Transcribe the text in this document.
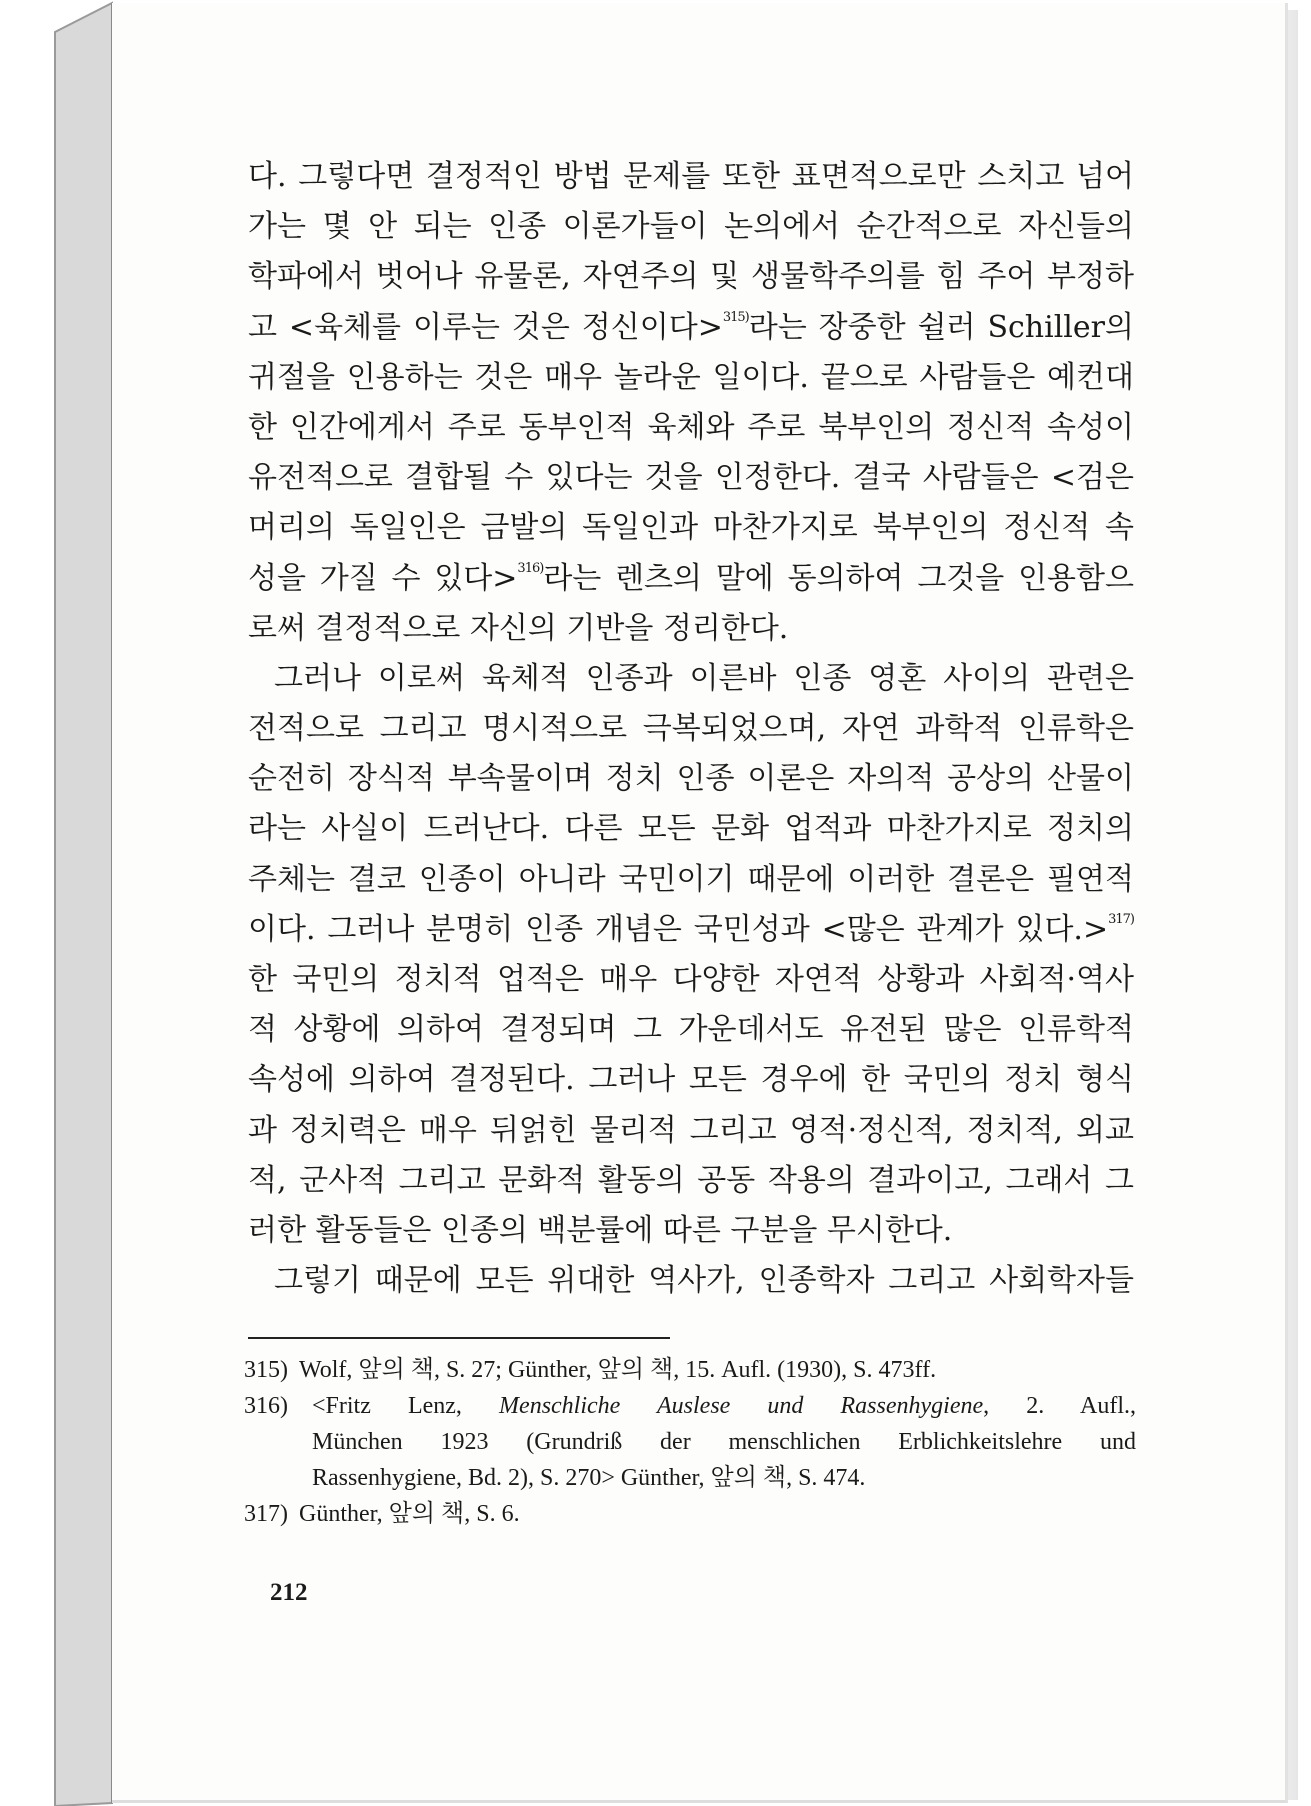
다. 그렇다면 결정적인 방법 문제를 또한 표면적으로만 스치고 넘어
가는 몇 안 되는 인종 이론가들이 논의에서 순간적으로 자신들의
학파에서 벗어나 유물론, 자연주의 및 생물학주의를 힘 주어 부정하
고 <육체를 이루는 것은 정신이다>$^{315)}$라는 장중한 쉴러 Schiller의
귀절을 인용하는 것은 매우 놀라운 일이다. 끝으로 사람들은 예컨대
한 인간에게서 주로 동부인적 육체와 주로 북부인의 정신적 속성이
유전적으로 결합될 수 있다는 것을 인정한다. 결국 사람들은 <검은
머리의 독일인은 금발의 독일인과 마찬가지로 북부인의 정신적 속
성을 가질 수 있다>$^{316)}$라는 렌츠의 말에 동의하여 그것을 인용함으
로써 결정적으로 자신의 기반을 정리한다.
그러나 이로써 육체적 인종과 이른바 인종 영혼 사이의 관련은
전적으로 그리고 명시적으로 극복되었으며, 자연 과학적 인류학은
순전히 장식적 부속물이며 정치 인종 이론은 자의적 공상의 산물이
라는 사실이 드러난다. 다른 모든 문화 업적과 마찬가지로 정치의
주체는 결코 인종이 아니라 국민이기 때문에 이러한 결론은 필연적
이다. 그러나 분명히 인종 개념은 국민성과 <많은 관계가 있다.>$^{317)}$
한 국민의 정치적 업적은 매우 다양한 자연적 상황과 사회적·역사
적 상황에 의하여 결정되며 그 가운데서도 유전된 많은 인류학적
속성에 의하여 결정된다. 그러나 모든 경우에 한 국민의 정치 형식
과 정치력은 매우 뒤얽힌 물리적 그리고 영적·정신적, 정치적, 외교
적, 군사적 그리고 문화적 활동의 공동 작용의 결과이고, 그래서 그
러한 활동들은 인종의 백분률에 따른 구분을 무시한다.
그렇기 때문에 모든 위대한 역사가, 인종학자 그리고 사회학자들
315) Wolf, 앞의 책, S. 27; Günther, 앞의 책, 15. Aufl. (1930), S. 473ff.
316) <Fritz Lenz, Menschliche Auslese und Rassenhygiene, 2. Aufl.,
München 1923 (Grundriß der menschlichen Erblichkeitslehre und
Rassenhygiene, Bd. 2), S. 270> Günther, 앞의 책, S. 474.
317) Günther, 앞의 책, S. 6.
212
